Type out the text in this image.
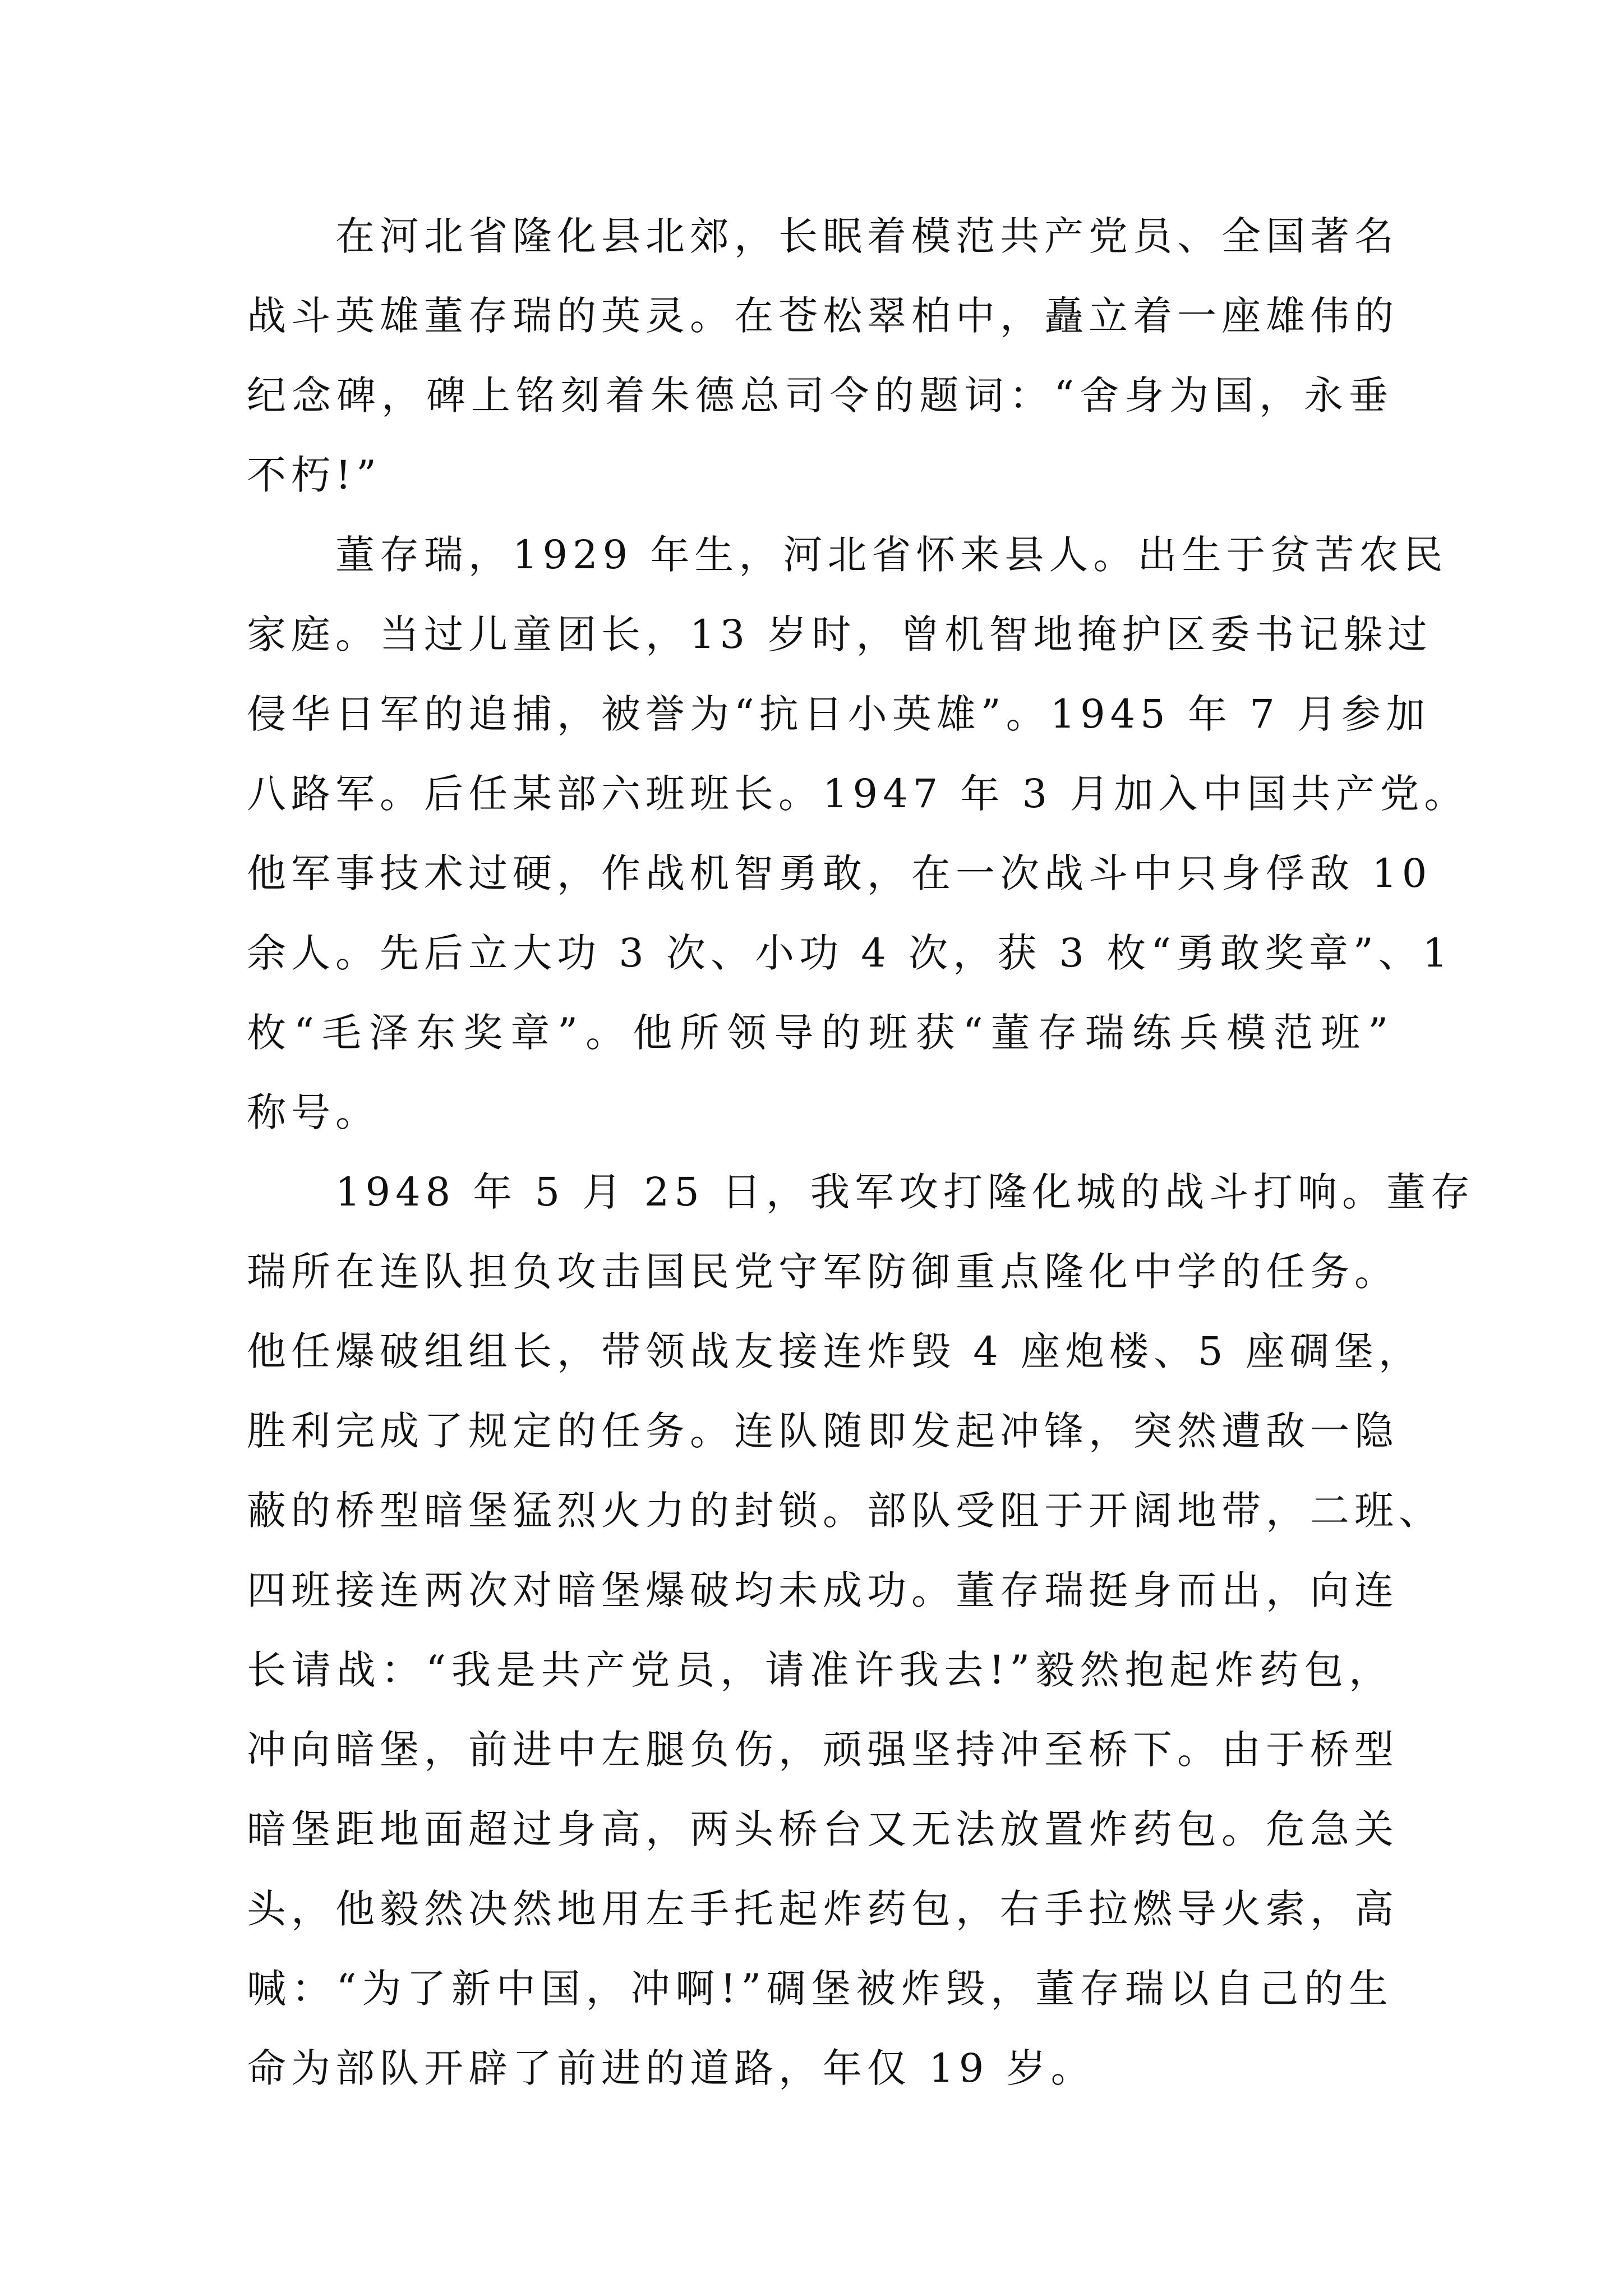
在河北省隆化县北郊，长眠着模范共产党员、全国著名
战斗英雄董存瑞的英灵。在苍松翠柏中，矗立着一座雄伟的
纪念碑，碑上铭刻着朱德总司令的题词：“舍身为国，永垂
不朽!”
董存瑞，1929 年生，河北省怀来县人。出生于贫苦农民
家庭。当过儿童团长，13 岁时，曾机智地掩护区委书记躲过
侵华日军的追捕，被誉为“抗日小英雄”。1945 年 7 月参加
八路军。后任某部六班班长。1947 年 3 月加入中国共产党。
他军事技术过硬，作战机智勇敢，在一次战斗中只身俘敌 10
余人。先后立大功 3 次、小功 4 次，获 3 枚“勇敢奖章”、1
枚“毛泽东奖章”。他所领导的班获“董存瑞练兵模范班”
称号。
1948 年 5 月 25 日，我军攻打隆化城的战斗打响。董存
瑞所在连队担负攻击国民党守军防御重点隆化中学的任务。
他任爆破组组长，带领战友接连炸毁 4 座炮楼、5 座碉堡，
胜利完成了规定的任务。连队随即发起冲锋，突然遭敌一隐
蔽的桥型暗堡猛烈火力的封锁。部队受阻于开阔地带，二班、
四班接连两次对暗堡爆破均未成功。董存瑞挺身而出，向连
长请战：“我是共产党员，请准许我去!”毅然抱起炸药包，
冲向暗堡，前进中左腿负伤，顽强坚持冲至桥下。由于桥型
暗堡距地面超过身高，两头桥台又无法放置炸药包。危急关
头，他毅然决然地用左手托起炸药包，右手拉燃导火索，高
喊：“为了新中国，冲啊!”碉堡被炸毁，董存瑞以自己的生
命为部队开辟了前进的道路，年仅 19 岁。
